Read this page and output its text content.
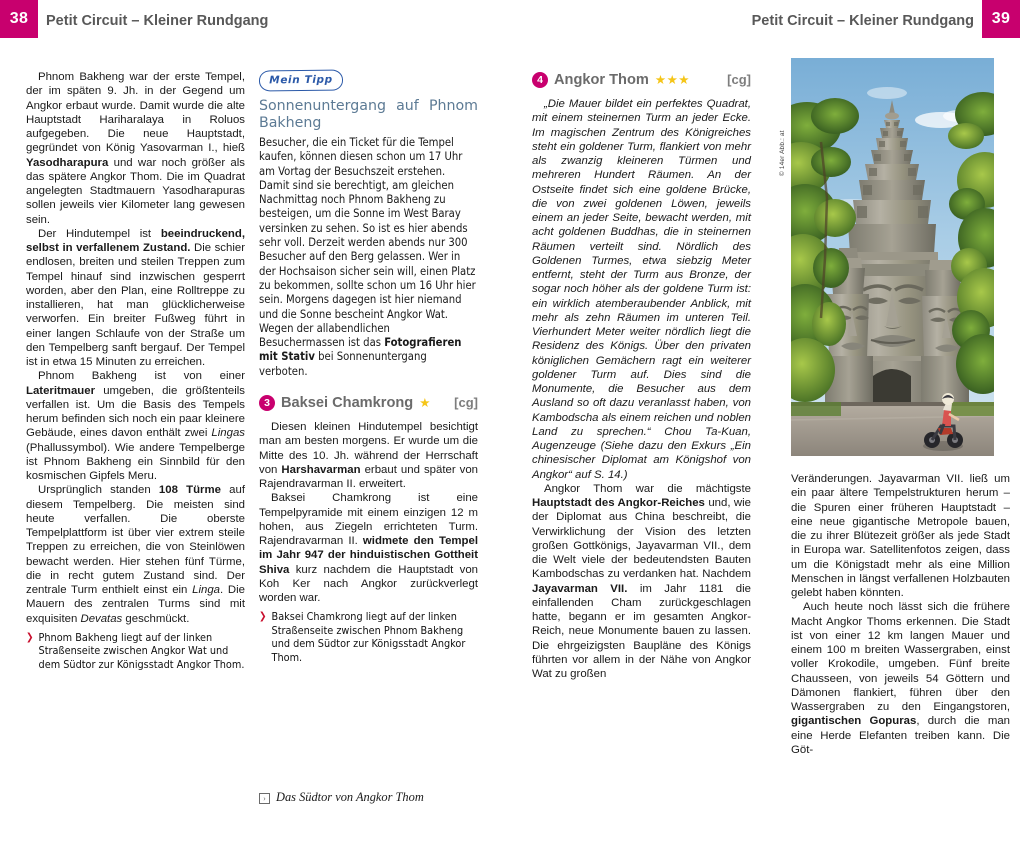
38	Petit Circuit – Kleiner Rundgang	Petit Circuit – Kleiner Rundgang	39

Phnom Bakheng war der erste Tempel, der im späten 9. Jh. in der Gegend um Angkor erbaut wurde. Damit wurde die alte Hauptstadt Hariharalaya in Roluos aufgegeben. Die neue Hauptstadt, gegründet von König Yasovarman I., hieß Yasodharapura und war noch größer als das spätere Angkor Thom. Die im Quadrat angelegten Stadtmauern Yasodharapuras sollen jeweils vier Kilometer lang gewesen sein.

Der Hindutempel ist beeindruckend, selbst in verfallenem Zustand. Die schier endlosen, breiten und steilen Treppen zum Tempel hinauf sind inzwischen gesperrt worden, aber den Plan, eine Rolltreppe zu installieren, hat man glücklicherweise verworfen. Ein breiter Fußweg führt in einer langen Schlaufe von der Straße um den Tempelberg sanft bergauf. Der Tempel ist in etwa 15 Minuten zu erreichen.

Phnom Bakheng ist von einer Lateritmauer umgeben, die größtenteils verfallen ist. Um die Basis des Tempels herum befinden sich noch ein paar kleinere Gebäude, eines davon enthält zwei Lingas (Phallussymbol). Wie andere Tempelberge ist Phnom Bakheng ein Sinnbild für den kosmischen Gipfels Meru.

Ursprünglich standen 108 Türme auf diesem Tempelberg. Die meisten sind heute verfallen. Die oberste Tempelplattform ist über vier extrem steile Treppen zu erreichen, die von Steinlöwen bewacht werden. Hier stehen fünf Türme, die in recht gutem Zustand sind. Der zentrale Turm enthielt einst ein Linga. Die Mauern des zentralen Turms sind mit exquisiten Devatas geschmückt.

❯ Phnom Bakheng liegt auf der linken Straßenseite zwischen Angkor Wat und dem Südtor zur Königsstadt Angkor Thom.
Mein Tipp
Sonnenuntergang auf Phnom Bakheng
Besucher, die ein Ticket für die Tempel kaufen, können diesen schon um 17 Uhr am Vortag der Besuchszeit erstehen. Damit sind sie berechtigt, am gleichen Nachmittag noch Phnom Bakheng zu besteigen, um die Sonne im West Baray versinken zu sehen. So ist es hier abends sehr voll. Derzeit werden abends nur 300 Besucher auf den Berg gelassen. Wer in der Hochsaison sicher sein will, einen Platz zu bekommen, sollte schon um 16 Uhr hier sein. Morgens dagegen ist hier niemand und die Sonne bescheint Angkor Wat. Wegen der allabendlichen Besuchermassen ist das Fotografieren mit Stativ bei Sonnenuntergang verboten.
3 Baksei Chamkrong ★ [cg]

Diesen kleinen Hindutempel besichtigt man am besten morgens. Er wurde um die Mitte des 10. Jh. während der Herrschaft von Harshavarman erbaut und später von Rajendravarman II. erweitert.

Baksei Chamkrong ist eine Tempelpyramide mit einem einzigen 12 m hohen, aus Ziegeln errichteten Turm. Rajendravarman II. widmete den Tempel im Jahr 947 der hinduistischen Gottheit Shiva kurz nachdem die Hauptstadt von Koh Ker nach Angkor zurückverlegt worden war.

❯ Baksei Chamkrong liegt auf der linken Straßenseite zwischen Phnom Bakheng und dem Südtor zur Königsstadt Angkor Thom.
› Das Südtor von Angkor Thom
4 Angkor Thom ★★★	[cg]

„Die Mauer bildet ein perfektes Quadrat, mit einem steinernen Turm an jeder Ecke. Im magischen Zentrum des Königreiches steht ein goldener Turm, flankiert von mehr als zwanzig kleineren Türmen und mehreren Hundert Räumen. An der Ostseite findet sich eine goldene Brücke, die von zwei goldenen Löwen, jeweils einem an jeder Seite, bewacht werden, mit acht goldenen Buddhas, die in steinernen Räumen verteilt sind. Nördlich des Goldenen Turmes, etwa siebzig Meter entfernt, steht der Turm aus Bronze, der sogar noch höher als der goldene Turm ist: ein wirklich atemberaubender Anblick, mit mehr als zehn Räumen im unteren Teil. Vierhundert Meter weiter nördlich liegt die Residenz des Königs. Über den privaten königlichen Gemächern ragt ein weiterer goldener Turm auf. Dies sind die Monumente, die Besucher aus dem Ausland so oft dazu veranlasst haben, von Kambodscha als einem reichen und noblen Land zu sprechen.“ Chou Ta-Kuan, Augenzeuge (Siehe dazu den Exkurs „Ein chinesischer Diplomat am Königshof von Angkor“ auf S. 14.)

Angkor Thom war die mächtigste Hauptstadt des Angkor-Reiches und, wie der Diplomat aus China beschreibt, die Verwirklichung der Vision des letzten großen Gottkönigs, Jayavarman VII., dem die Welt viele der bedeutendsten Bauten Kambodschas zu verdanken hat. Nachdem Jayavarman VII. im Jahr 1181 die einfallenden Cham zurückgeschlagen hatte, begann er im gesamten Angkor-Reich, neue Monumente bauen zu lassen. Die ehrgeizigsten Baupläne des Königs führten vor allem in der Nähe von Angkor Wat zu großen

Veränderungen. Jayavarman VII. ließ um ein paar ältere Tempelstrukturen herum – die Spuren einer früheren Hauptstadt – eine neue gigantische Metropole bauen, die zu ihrer Blütezeit größer als jede Stadt in Europa war. Satellitenfotos zeigen, dass um die Königstadt mehr als eine Million Menschen in längst verfallenen Holzbauten gelebt haben könnten.

Auch heute noch lässt sich die frühere Macht Angkor Thoms erkennen. Die Stadt ist von einer 12 km langen Mauer und einem 100 m breiten Wassergraben, einst voller Krokodile, umgeben. Fünf breite Chausseen, von jeweils 54 Göttern und Dämonen flankiert, führen über den Wassergraben zu den Eingangstoren, gigantischen Gopuras, durch die man eine Herde Elefanten treiben kann. Die Göt-

© 14er Abb.: at
